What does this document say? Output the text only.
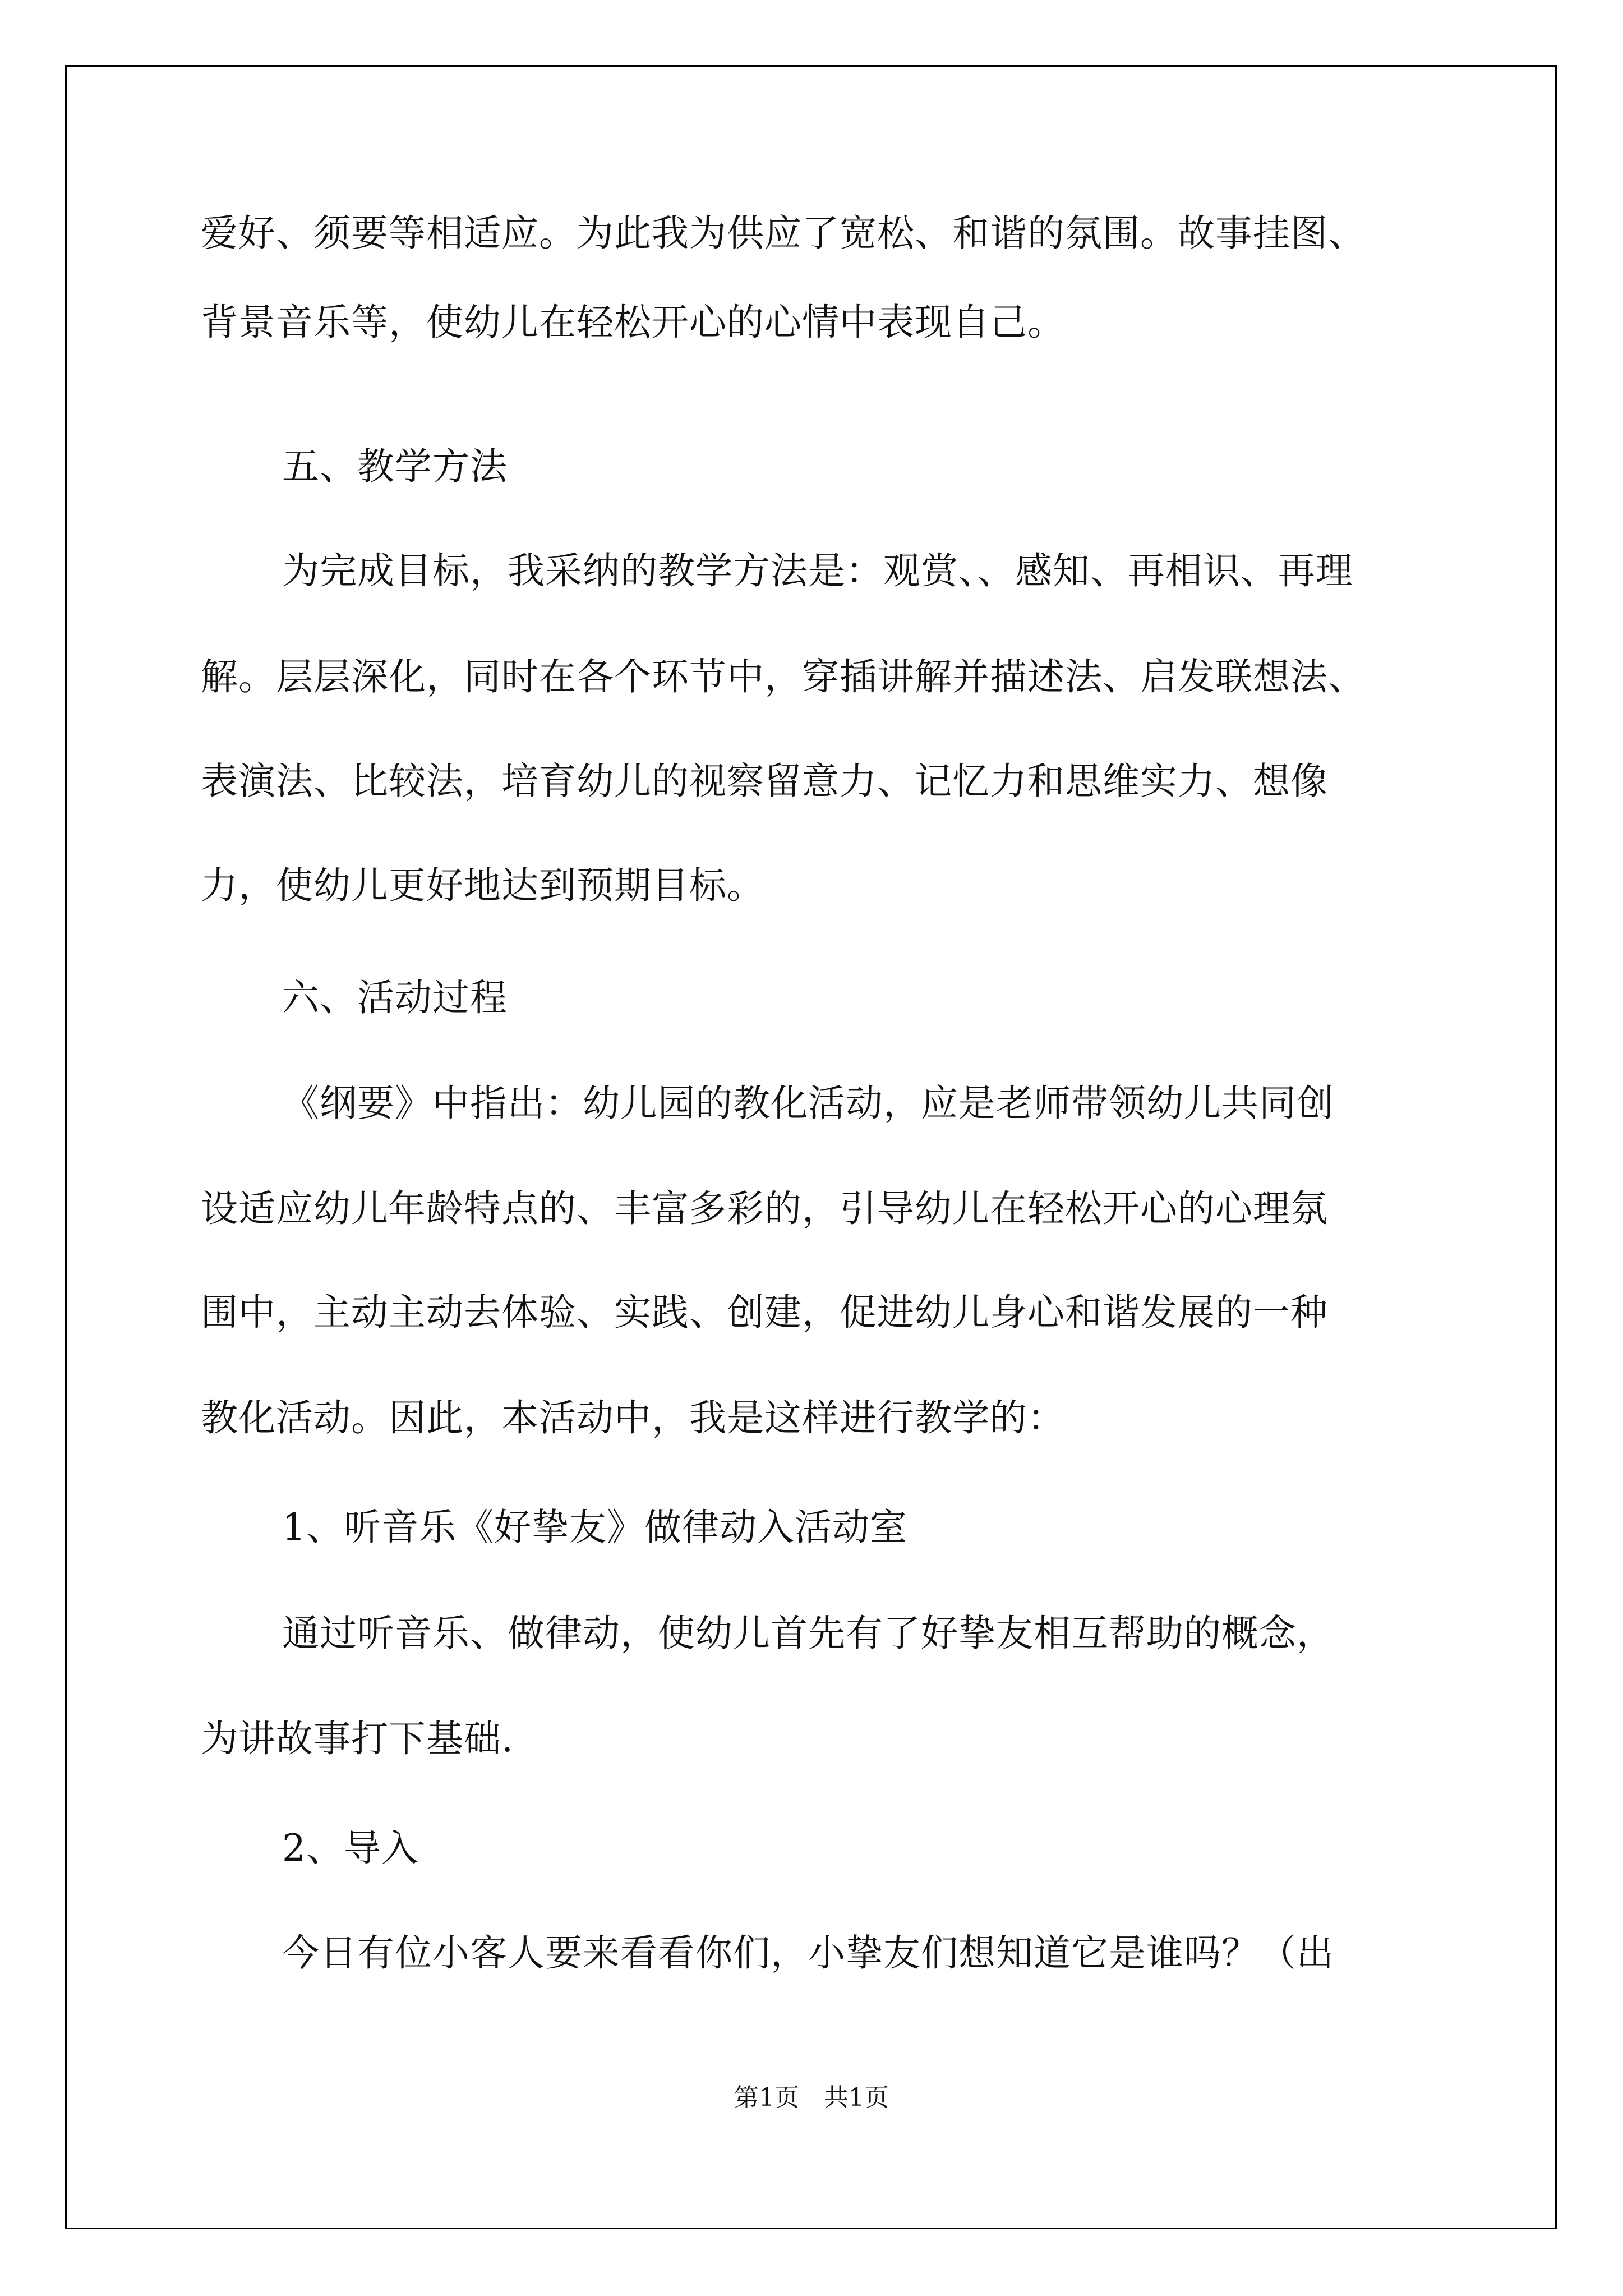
爱好、须要等相适应。为此我为供应了宽松、和谐的氛围。故事挂图、
背景音乐等，使幼儿在轻松开心的心情中表现自己。
五、教学方法
为完成目标，我采纳的教学方法是：观赏、、感知、再相识、再理
解。层层深化，同时在各个环节中，穿插讲解并描述法、启发联想法、
表演法、比较法，培育幼儿的视察留意力、记忆力和思维实力、想像
力，使幼儿更好地达到预期目标。
六、活动过程
《纲要》中指出：幼儿园的教化活动，应是老师带领幼儿共同创
设适应幼儿年龄特点的、丰富多彩的，引导幼儿在轻松开心的心理氛
围中，主动主动去体验、实践、创建，促进幼儿身心和谐发展的一种
教化活动。因此，本活动中，我是这样进行教学的：
1、听音乐《好挚友》做律动入活动室
通过听音乐、做律动，使幼儿首先有了好挚友相互帮助的概念，
为讲故事打下基础.
2、导入
今日有位小客人要来看看你们，小挚友们想知道它是谁吗？（出
第1页　共1页
